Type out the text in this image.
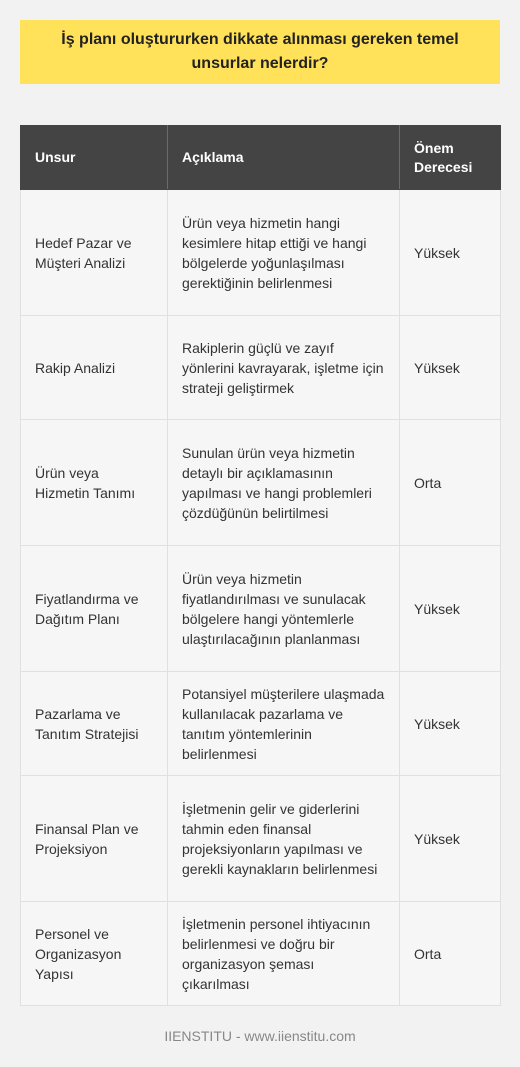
İş planı oluştururken dikkate alınması gereken temel unsurlar nelerdir?
Unsur	Açıklama	Önem Derecesi
Hedef Pazar ve Müşteri Analizi	Ürün veya hizmetin hangi kesimlere hitap ettiği ve hangi bölgelerde yoğunlaşılması gerektiğinin belirlenmesi	Yüksek
Rakip Analizi	Rakiplerin güçlü ve zayıf yönlerini kavrayarak, işletme için strateji geliştirmek	Yüksek
Ürün veya Hizmetin Tanımı	Sunulan ürün veya hizmetin detaylı bir açıklamasının yapılması ve hangi problemleri çözdüğünün belirtilmesi	Orta
Fiyatlandırma ve Dağıtım Planı	Ürün veya hizmetin fiyatlandırılması ve sunulacak bölgelere hangi yöntemlerle ulaştırılacağının planlanması	Yüksek
Pazarlama ve Tanıtım Stratejisi	Potansiyel müşterilere ulaşmada kullanılacak pazarlama ve tanıtım yöntemlerinin belirlenmesi	Yüksek
Finansal Plan ve Projeksiyon	İşletmenin gelir ve giderlerini tahmin eden finansal projeksiyonların yapılması ve gerekli kaynakların belirlenmesi	Yüksek
Personel ve Organizasyon Yapısı	İşletmenin personel ihtiyacının belirlenmesi ve doğru bir organizasyon şeması çıkarılması	Orta
IIENSTITU - www.iienstitu.com
